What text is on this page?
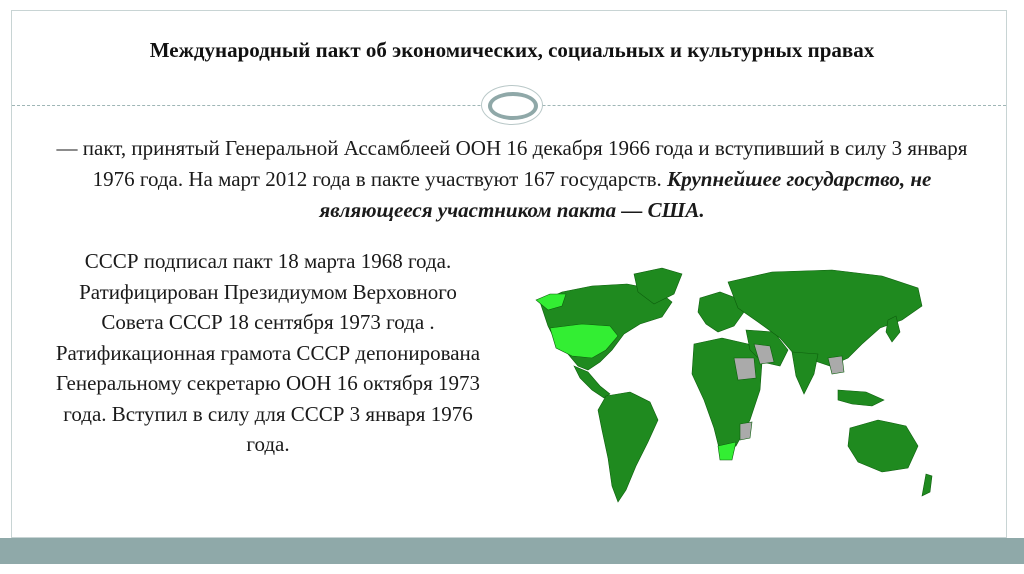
Международный пакт об экономических, социальных и культурных правах
— пакт, принятый Генеральной Ассамблеей ООН 16 декабря 1966 года и вступивший в силу 3 января 1976 года. На март 2012 года в пакте участвуют 167 государств. Крупнейшее государство, не являющееся участником пакта — США.
СССР подписал пакт 18 марта 1968 года. Ратифицирован Президиумом Верховного Совета СССР 18 сентября 1973 года .
Ратификационная грамота СССР депонирована Генеральному секретарю ООН 16 октября 1973 года. Вступил в силу для СССР 3 января 1976 года.
